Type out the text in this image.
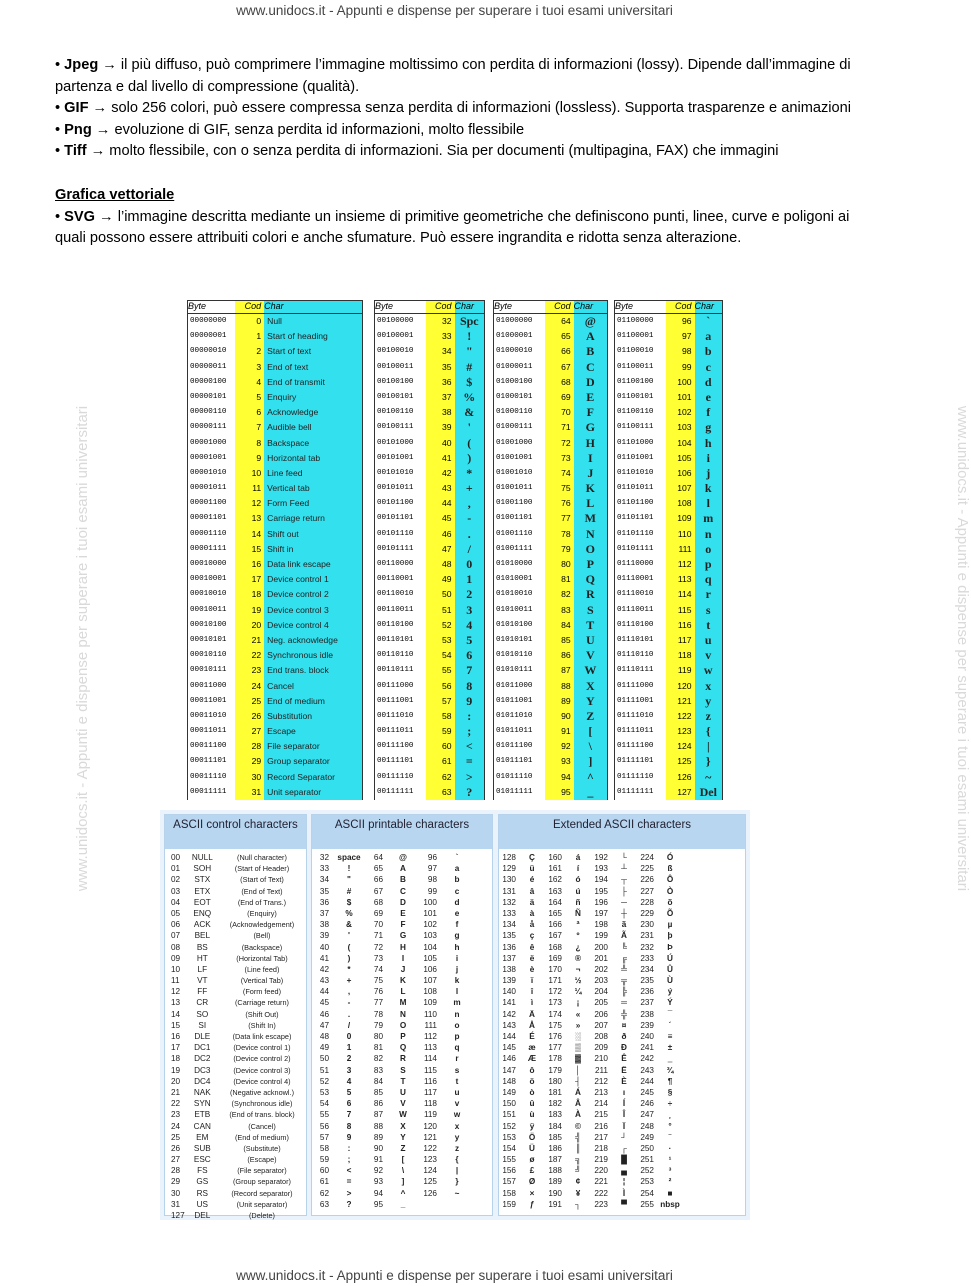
www.unidocs.it - Appunti e dispense per superare i tuoi esami universitari
www.unidocs.it - Appunti e dispense per superare i tuoi esami universitari	www.unidocs.it - Appunti e dispense per superare i tuoi esami universitari

• Jpeg → il più diffuso, può comprimere l’immagine moltissimo con perdita di informazioni (lossy). Dipende dall’immagine di partenza e dal livello di compressione (qualità).

• GIF → solo 256 colori, può essere compressa senza perdita di informazioni (lossless). Supporta trasparenze e animazioni

• Png → evoluzione di GIF, senza perdita id informazioni, molto flessibile

• Tiff → molto flessibile, con o senza perdita di informazioni. Sia per documenti (multipagina, FAX) che immagini

Grafica vettoriale

• SVG → l’immagine descritta mediante un insieme di primitive geometriche che definiscono punti, linee, curve e poligoni ai quali possono essere attribuiti colori e anche sfumature. Può essere ingrandita e ridotta senza alterazione.

Byte	Cod Char
00000000	0 Null
00000001	1 Start of heading
00000010	2 Start of text
00000011	3 End of text
00000100	4 End of transmit
00000101	5 Enquiry
00000110	6 Acknowledge
00000111	7 Audible bell
00001000	8 Backspace
00001001	9 Horizontal tab
00001010	10 Line feed
00001011	11 Vertical tab
00001100	12 Form Feed
00001101	13 Carriage return
00001110	14 Shift out
00001111	15 Shift in
00010000	16 Data link escape
00010001	17 Device control 1
00010010	18 Device control 2
00010011	19 Device control 3
00010100	20 Device control 4
00010101	21 Neg. acknowledge
00010110	22 Synchronous idle
00010111	23 End trans. block
00011000	24 Cancel
00011001	25 End of medium
00011010	26 Substitution
00011011	27 Escape
00011100	28 File separator
00011101	29 Group separator
00011110	30 Record Separator
00011111	31 Unit separator
Byte	Cod Char
00100000	32 Spc
00100001	33	!
00100010	34	"
00100011	35	#
00100100	36	$
00100101	37 %
00100110	38	&
00100111	39	'
00101000	40	(
00101001	41	)
00101010	42	*
00101011	43	+
00101100	44	,
00101101	45	-
00101110	46	.
00101111	47	/
00110000	48	0
00110001	49	1
00110010	50	2
00110011	51	3
00110100	52	4
00110101	53	5
00110110	54	6
00110111	55	7
00111000	56	8
00111001	57	9
00111010	58	:
00111011	59	;
00111100	60	<
00111101	61	=
00111110	62	>
00111111	63	?
Byte	Cod Char
01000000	64	@
01000001	65	A
01000010	66	B
01000011	67	C
01000100	68	D
01000101	69	E
01000110	70	F
01000111	71	G
01001000	72	H
01001001	73	I
01001010	74	J
01001011	75	K
01001100	76	L
01001101	77	M
01001110	78	N
01001111	79	O
01010000	80	P
01010001	81	Q
01010010	82	R
01010011	83	S
01010100	84	T
01010101	85	U
01010110	86	V
01010111	87	W
01011000	88	X
01011001	89	Y
01011010	90	Z
01011011	91	[
01011100	92	\
01011101	93	]
01011110	94	^
01011111	95	_
Byte	Cod Char
01100000	96	`
01100001	97	a
01100010	98	b
01100011	99	c
01100100	100	d
01100101	101	e
01100110	102	f
01100111	103	g
01101000	104	h
01101001	105	i
01101010	106	j
01101011	107	k
01101100	108	l
01101101	109 m
01101110	110	n
01101111	111	o
01110000	112	p
01110001	113	q
01110010	114	r
01110011	115	s
01110100	116	t
01110101	117	u
01110110	118	v
01110111	119	w
01111000	120	x
01111001	121	y
01111010	122	z
01111011	123	{
01111100	124	|
01111101	125	}
01111110	126	~
01111111	127 Del
ASCII control characters
00	NULL	(Null character)
01	SOH	(Start of Header)
02	STX	(Start of Text)
03	ETX	(End of Text)
04	EOT	(End of Trans.)
05	ENQ	(Enquiry)
06	ACK	(Acknowledgement)
07	BEL	(Bell)
08	BS	(Backspace)
09	HT	(Horizontal Tab)
10	LF	(Line feed)
11	VT	(Vertical Tab)
12	FF	(Form feed)
13	CR	(Carriage return)
14	SO	(Shift Out)
15	SI	(Shift In)
16	DLE	(Data link escape)
17	DC1	(Device control 1)
18	DC2	(Device control 2)
19	DC3	(Device control 3)
20	DC4	(Device control 4)
21	NAK	(Negative acknowl.)
22	SYN	(Synchronous idle)
23	ETB	(End of trans. block)
24	CAN	(Cancel)
25	EM	(End of medium)
26	SUB	(Substitute)
27	ESC	(Escape)
28	FS	(File separator)
29	GS	(Group separator)
30	RS	(Record separator)
31	US	(Unit separator)
127	DEL	(Delete)
ASCII printable characters
32	space	64	@	96	`
33	!	65	A	97	a
34	"	66	B	98	b
35	#	67	C	99	c
36	$	68	D	100	d
37	%	69	E	101	e
38	&	70	F	102	f
39	'	71	G	103	g
40	(	72	H	104	h
41	)	73	I	105	i
42	*	74	J	106	j
43	+	75	K	107	k
44	,	76	L	108	l
45	-	77	M	109	m
46	.	78	N	110	n
47	/	79	O	111	o
48	0	80	P	112	p
49	1	81	Q	113	q
50	2	82	R	114	r
51	3	83	S	115	s
52	4	84	T	116	t
53	5	85	U	117	u
54	6	86	V	118	v
55	7	87	W	119	w
56	8	88	X	120	x
57	9	89	Y	121	y
58	:	90	Z	122	z
59	;	91	[	123	{
60	<	92	\	124	|
61	=	93	]	125	}
62	>	94	^	126	~
63	?	95	_
Extended ASCII characters
128	Ç	160	á	192	└	224	Ó
129	ü	161	í	193	┴	225	ß
130	é	162	ó	194	┬	226	Ô
131	â	163	ú	195	├	227	Ò
132	ä	164	ñ	196	─	228	õ
133	à	165	Ñ	197	┼	229	Õ
134	å	166	ª	198	ã	230	µ
135	ç	167	º	199	Ã	231	þ
136	ê	168	¿	200	╚	232	Þ
137	ë	169	®	201	╔	233	Ú
138	è	170	¬	202	╩	234	Û
139	ï	171	½	203	╦	235	Ù
140	î	172	¼	204	╠	236	ý
141	ì	173	¡	205	═	237	Ý
142	Ä	174	«	206	╬	238	¯
143	Å	175	»	207	¤	239	´
144	É	176	░	208	ð	240	≡
145	æ	177	▒	209	Ð	241	±
146	Æ	178	▓	210	Ê	242	‗
147	ô	179	│	211	Ë	243	¾
148	ö	180	┤	212	È	244	¶
149	ò	181	Á	213	ı	245	§
150	û	182	Â	214	Í	246	÷
151	ù	183	À	215	Î	247	¸
152	ÿ	184	©	216	Ï	248	°
153	Ö	185	╣	217	┘	249	¨
154	Ü	186	║	218	┌	250	·
155	ø	187	╗	219	█	251	¹
156	£	188	╝	220	▄	252	³
157	Ø	189	¢	221	¦	253	²
158	×	190	¥	222	Ì	254	■
159	ƒ	191	┐	223	▀	255 nbsp
www.unidocs.it - Appunti e dispense per superare i tuoi esami universitari
